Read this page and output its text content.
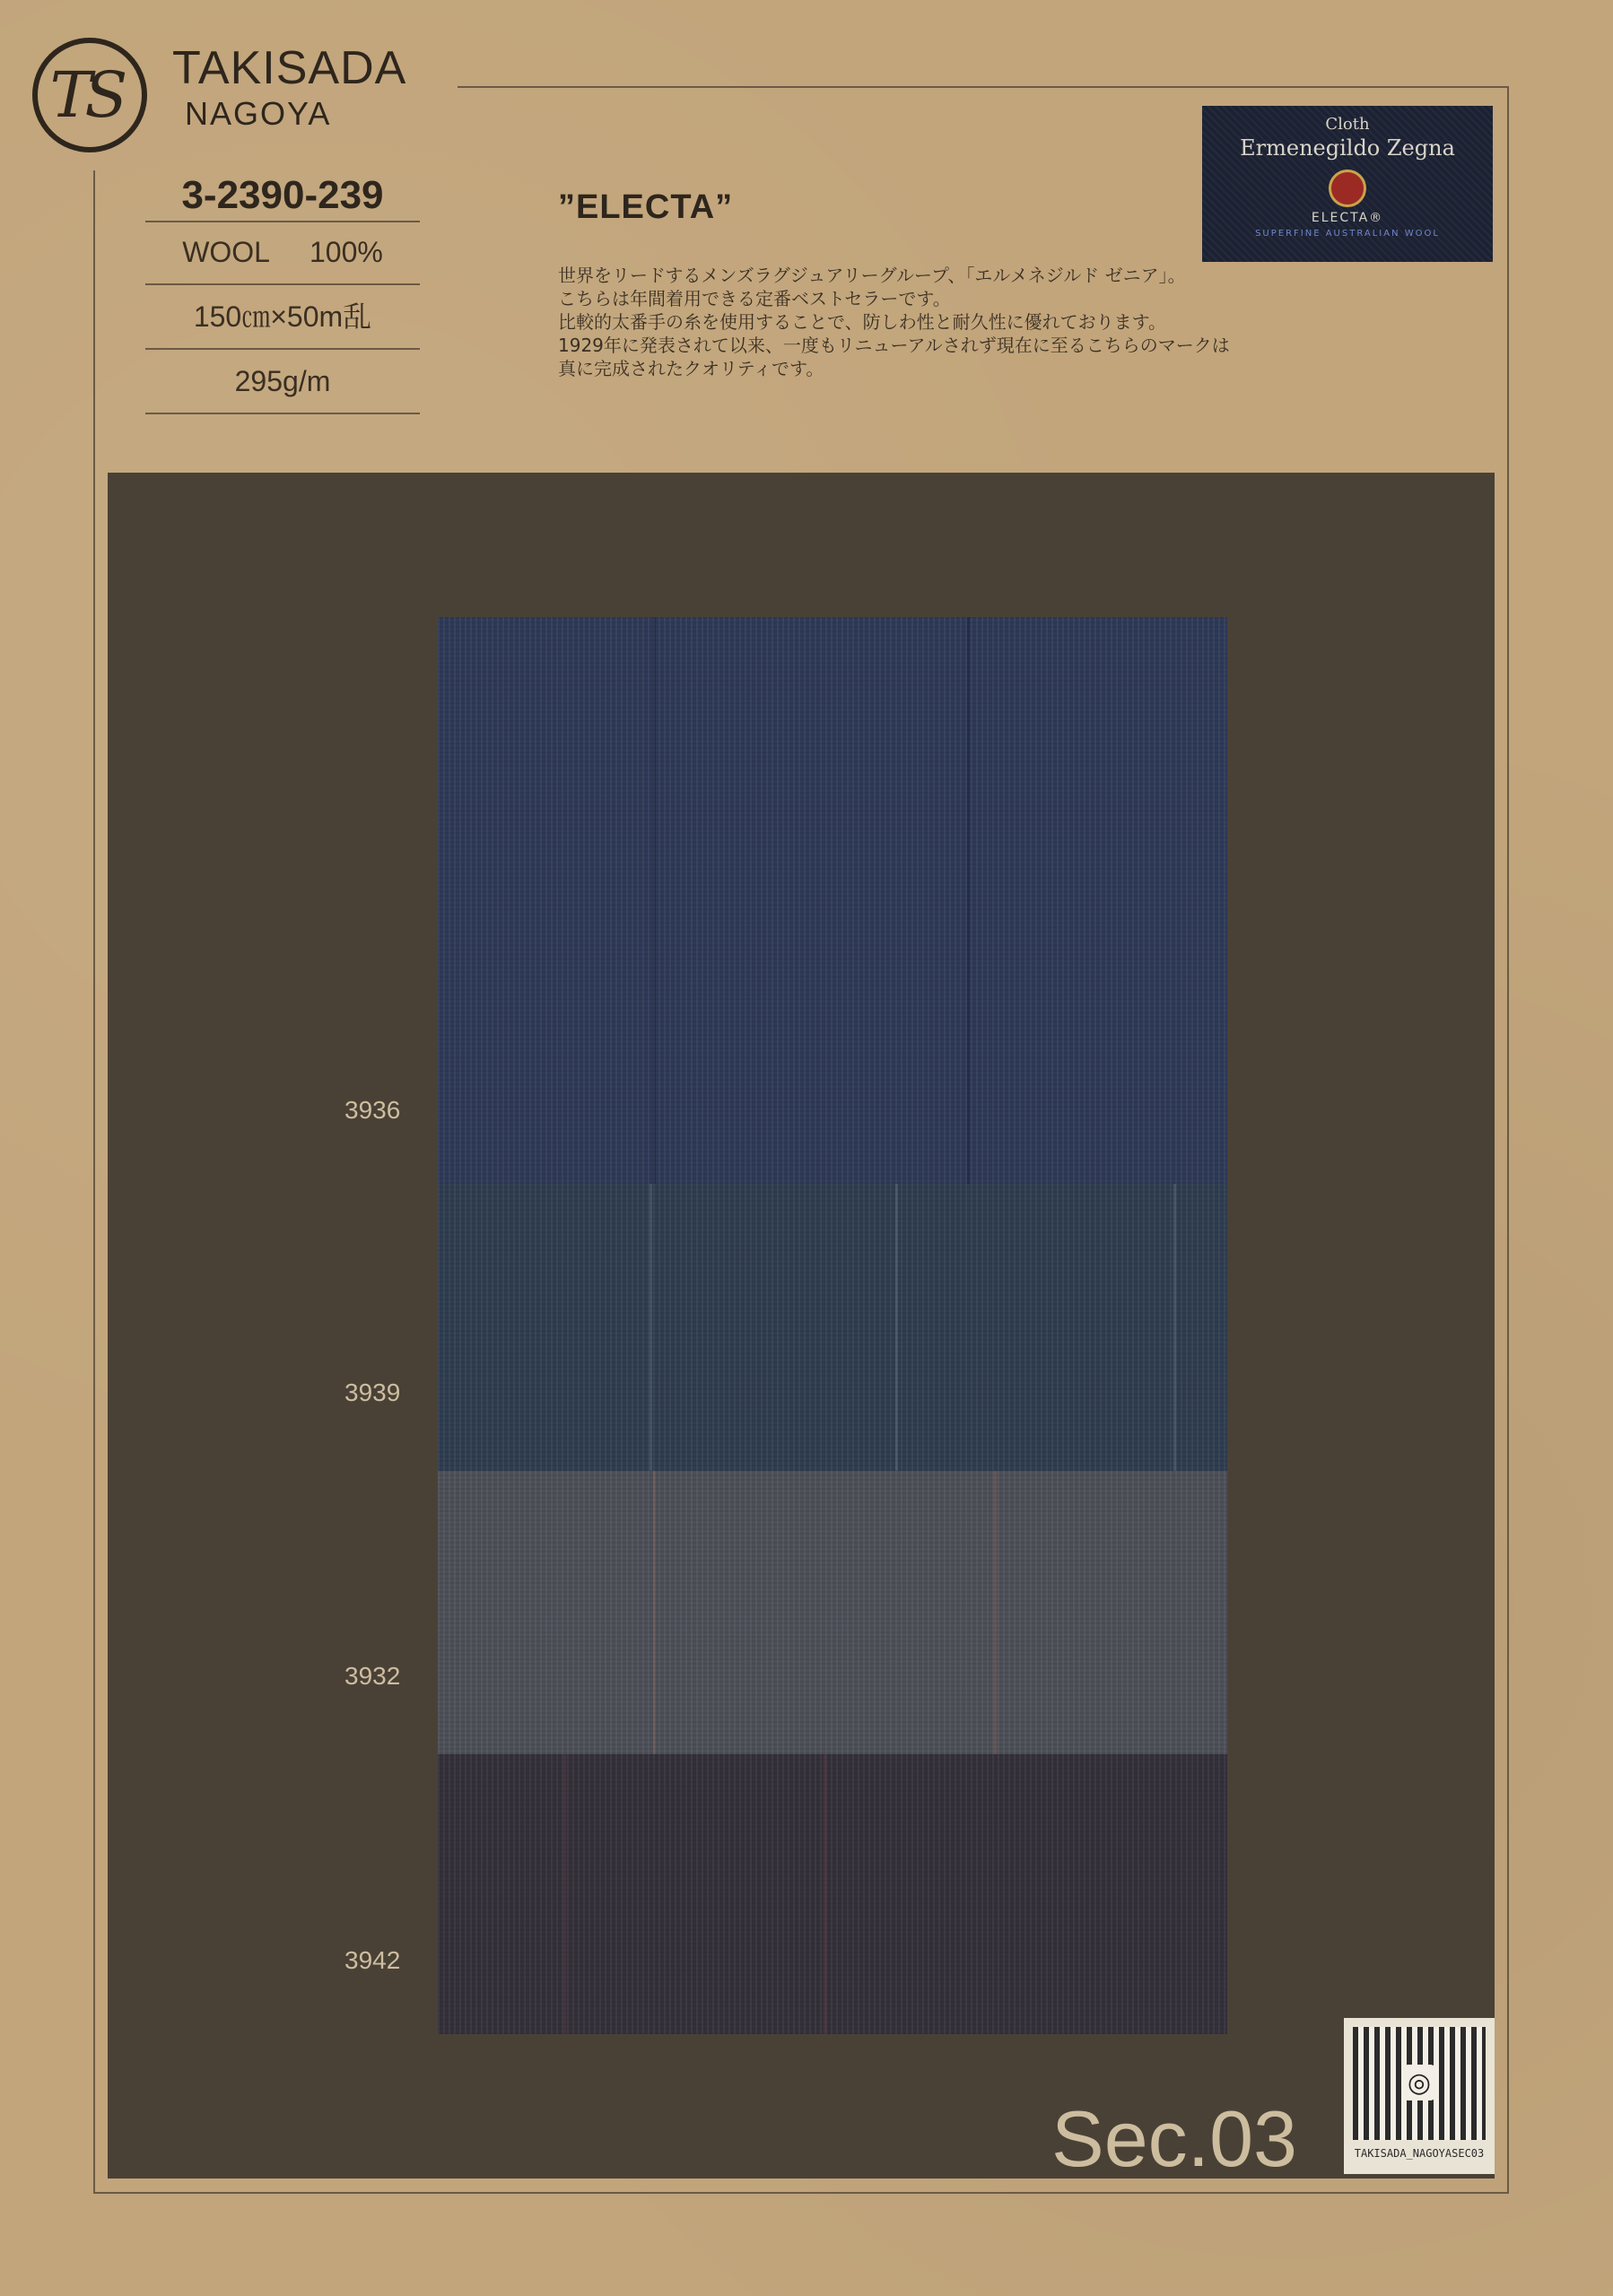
TS TAKISADA
NAGOYA
3-2390-239
WOOL 100%
150㎝×50m乱
295g/m
”ELECTA”
世界をリードするメンズラグジュアリーグループ、「エルメネジルド ゼニア」。
こちらは年間着用できる定番ベストセラーです。
比較的太番手の糸を使用することで、防しわ性と耐久性に優れております。
1929年に発表されて以来、一度もリニューアルされず現在に至るこちらのマークは
真に完成されたクオリティです。
Cloth
Ermenegildo Zegna
ELECTA®
SUPERFINE AUSTRALIAN WOOL
3936
3939
3932
3942
◎
TAKISADA_NAGOYASEC03
Sec.03
